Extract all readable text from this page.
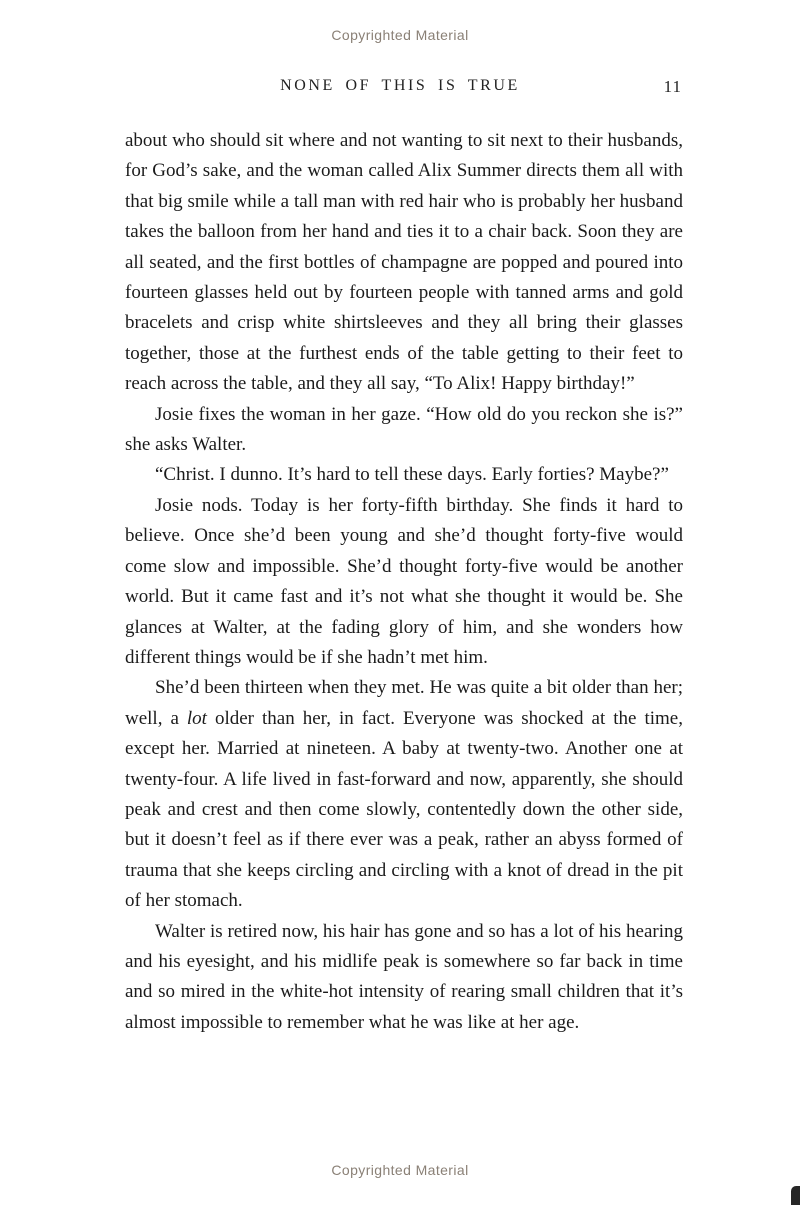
Copyrighted Material
NONE OF THIS IS TRUE	11

about who should sit where and not wanting to sit next to their husbands, for God’s sake, and the woman called Alix Summer directs them all with that big smile while a tall man with red hair who is probably her husband takes the balloon from her hand and ties it to a chair back. Soon they are all seated, and the first bottles of champagne are popped and poured into fourteen glasses held out by fourteen people with tanned arms and gold bracelets and crisp white shirtsleeves and they all bring their glasses together, those at the furthest ends of the table getting to their feet to reach across the table, and they all say, “To Alix! Happy birthday!”

Josie fixes the woman in her gaze. “How old do you reckon she is?” she asks Walter.

“Christ. I dunno. It’s hard to tell these days. Early forties? Maybe?”

Josie nods. Today is her forty-fifth birthday. She finds it hard to believe. Once she’d been young and she’d thought forty-five would come slow and impossible. She’d thought forty-five would be another world. But it came fast and it’s not what she thought it would be. She glances at Walter, at the fading glory of him, and she wonders how different things would be if she hadn’t met him.

She’d been thirteen when they met. He was quite a bit older than her; well, a lot older than her, in fact. Everyone was shocked at the time, except her. Married at nineteen. A baby at twenty-two. Another one at twenty-four. A life lived in fast-forward and now, apparently, she should peak and crest and then come slowly, contentedly down the other side, but it doesn’t feel as if there ever was a peak, rather an abyss formed of trauma that she keeps circling and circling with a knot of dread in the pit of her stomach.

Walter is retired now, his hair has gone and so has a lot of his hearing and his eyesight, and his midlife peak is somewhere so far back in time and so mired in the white-hot intensity of rearing small children that it’s almost impossible to remember what he was like at her age.

Copyrighted Material
